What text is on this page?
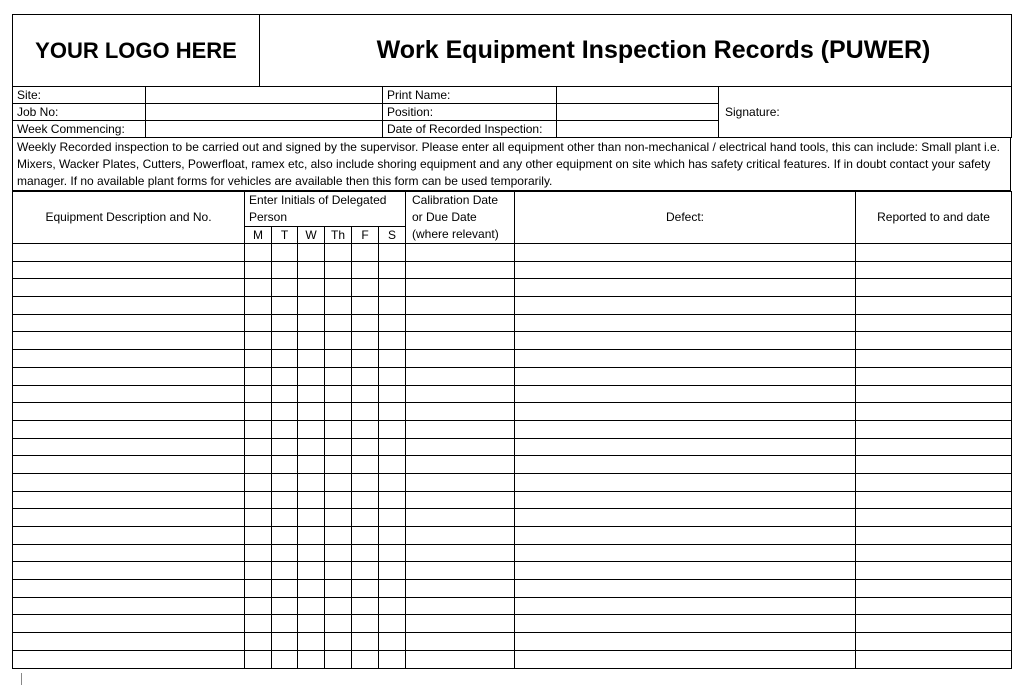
YOUR LOGO HERE	Work Equipment Inspection Records (PUWER)
Site:		Print Name:		Signature:
Job No:		Position:		
Week Commencing:		Date of Recorded Inspection:		
Weekly Recorded inspection to be carried out and signed by the supervisor. Please enter all equipment other than non-mechanical / electrical hand tools, this can include: Small plant i.e. Mixers, Wacker Plates, Cutters, Powerfloat, ramex etc, also include shoring equipment and any other equipment on site which has safety critical features. If in doubt contact your safety manager. If no available plant forms for vehicles are available then this form can be used temporarily.
Equipment Description and No.	Enter Initials of Delegated Person						Calibration Date or Due Date (where relevant)	Defect:	Reported to and date
	M	T	W	Th	F	S			
